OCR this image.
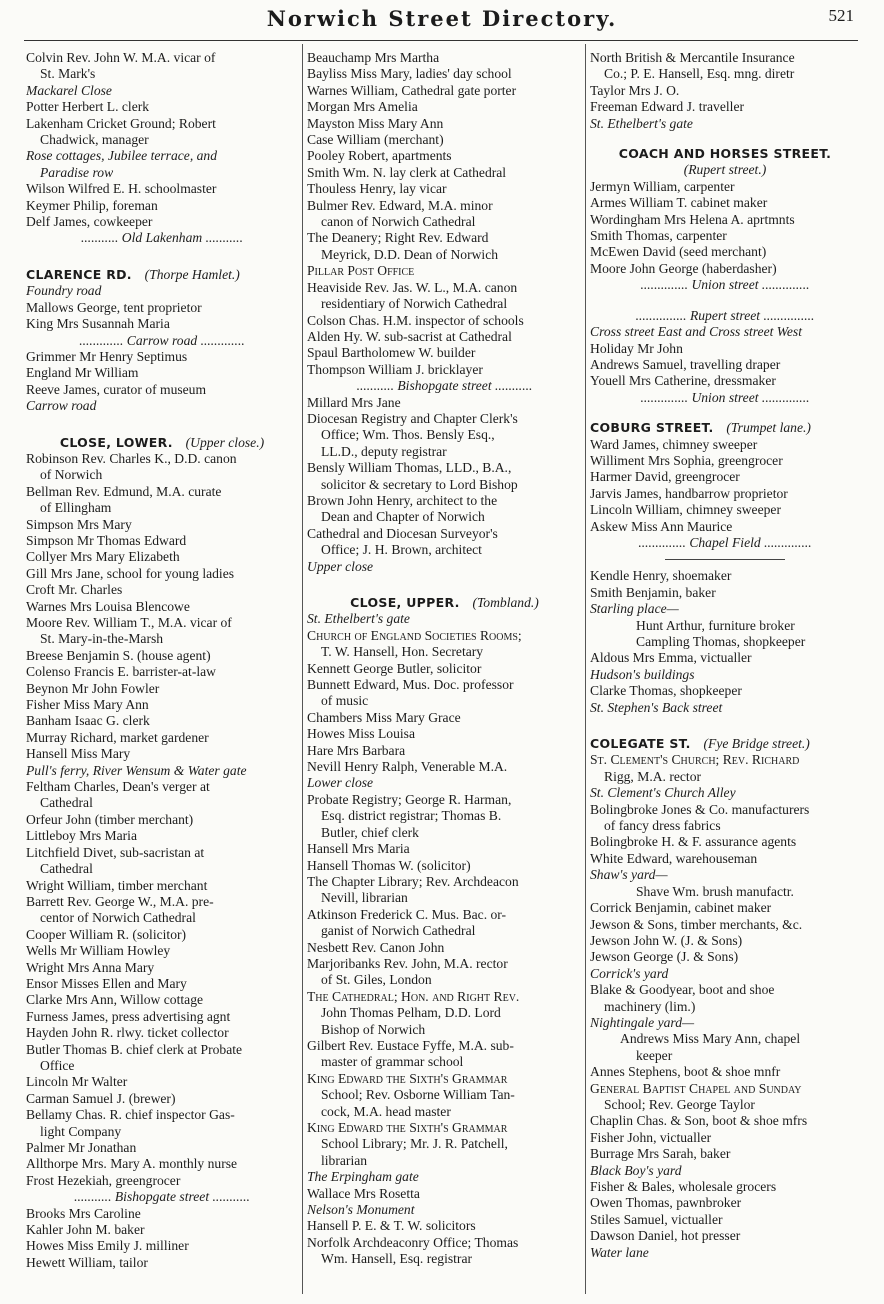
Norwich Street Directory.	521
Colvin Rev. John W. M.A. vicar of
St. Mark's
Mackarel Close
Potter Herbert L. clerk
Lakenham Cricket Ground; Robert
Chadwick, manager
Rose cottages, Jubilee terrace, and
Paradise row
Wilson Wilfred E. H. schoolmaster
Keymer Philip, foreman
Delf James, cowkeeper
........... Old Lakenham ...........
CLARENCE RD.  (Thorpe Hamlet.)
Foundry road
Mallows George, tent proprietor
King Mrs Susannah Maria
............. Carrow road .............
Grimmer Mr Henry Septimus
England Mr William
Reeve James, curator of museum
Carrow road
CLOSE, LOWER.  (Upper close.)
Robinson Rev. Charles K., D.D. canon
of Norwich
Bellman Rev. Edmund, M.A. curate
of Ellingham
Simpson Mrs Mary
Simpson Mr Thomas Edward
Collyer Mrs Mary Elizabeth
Gill Mrs Jane, school for young ladies
Croft Mr. Charles
Warnes Mrs Louisa Blencowe
Moore Rev. William T., M.A. vicar of
St. Mary-in-the-Marsh
Breese Benjamin S. (house agent)
Colenso Francis E. barrister-at-law
Beynon Mr John Fowler
Fisher Miss Mary Ann
Banham Isaac G. clerk
Murray Richard, market gardener
Hansell Miss Mary
Pull's ferry, River Wensum & Water gate
Feltham Charles, Dean's verger at
Cathedral
Orfeur John (timber merchant)
Littleboy Mrs Maria
Litchfield Divet, sub-sacristan at
Cathedral
Wright William, timber merchant
Barrett Rev. George W., M.A. pre-
centor of Norwich Cathedral
Cooper William R. (solicitor)
Wells Mr William Howley
Wright Mrs Anna Mary
Ensor Misses Ellen and Mary
Clarke Mrs Ann, Willow cottage
Furness James, press advertising agnt
Hayden John R. rlwy. ticket collector
Butler Thomas B. chief clerk at Probate
Office
Lincoln Mr Walter
Carman Samuel J. (brewer)
Bellamy Chas. R. chief inspector Gas-
light Company
Palmer Mr Jonathan
Allthorpe Mrs. Mary A. monthly nurse
Frost Hezekiah, greengrocer
........... Bishopgate street ...........
Brooks Mrs Caroline
Kahler John M. baker
Howes Miss Emily J. milliner
Hewett William, tailor
Beauchamp Mrs Martha
Bayliss Miss Mary, ladies' day school
Warnes William, Cathedral gate porter
Morgan Mrs Amelia
Mayston Miss Mary Ann
Case William (merchant)
Pooley Robert, apartments
Smith Wm. N. lay clerk at Cathedral
Thouless Henry, lay vicar
Bulmer Rev. Edward, M.A. minor
canon of Norwich Cathedral
The Deanery; Right Rev. Edward
Meyrick, D.D. Dean of Norwich
Pillar Post Office
Heaviside Rev. Jas. W. L., M.A. canon
residentiary of Norwich Cathedral
Colson Chas. H.M. inspector of schools
Alden Hy. W. sub-sacrist at Cathedral
Spaul Bartholomew W. builder
Thompson William J. bricklayer
........... Bishopgate street ...........
Millard Mrs Jane
Diocesan Registry and Chapter Clerk's
Office; Wm. Thos. Bensly Esq.,
LL.D., deputy registrar
Bensly William Thomas, LLD., B.A.,
solicitor & secretary to Lord Bishop
Brown John Henry, architect to the
Dean and Chapter of Norwich
Cathedral and Diocesan Surveyor's
Office; J. H. Brown, architect
Upper close
CLOSE, UPPER.  (Tombland.)
St. Ethelbert's gate
Church of England Societies Rooms;
T. W. Hansell, Hon. Secretary
Kennett George Butler, solicitor
Bunnett Edward, Mus. Doc. professor
of music
Chambers Miss Mary Grace
Howes Miss Louisa
Hare Mrs Barbara
Nevill Henry Ralph, Venerable M.A.
Lower close
Probate Registry; George R. Harman,
Esq. district registrar; Thomas B.
Butler, chief clerk
Hansell Mrs Maria
Hansell Thomas W. (solicitor)
The Chapter Library; Rev. Archdeacon
Nevill, librarian
Atkinson Frederick C. Mus. Bac. or-
ganist of Norwich Cathedral
Nesbett Rev. Canon John
Marjoribanks Rev. John, M.A. rector
of St. Giles, London
The Cathedral; Hon. and Right Rev.
John Thomas Pelham, D.D. Lord
Bishop of Norwich
Gilbert Rev. Eustace Fyffe, M.A. sub-
master of grammar school
King Edward the Sixth's Grammar
School; Rev. Osborne William Tan-
cock, M.A. head master
King Edward the Sixth's Grammar
School Library; Mr. J. R. Patchell,
librarian
The Erpingham gate
Wallace Mrs Rosetta
Nelson's Monument
Hansell P. E. & T. W. solicitors
Norfolk Archdeaconry Office; Thomas
Wm. Hansell, Esq. registrar
North British & Mercantile Insurance
Co.; P. E. Hansell, Esq. mng. diretr
Taylor Mrs J. O.
Freeman Edward J. traveller
St. Ethelbert's gate
COACH AND HORSES STREET.
(Rupert street.)
Jermyn William, carpenter
Armes William T. cabinet maker
Wordingham Mrs Helena A. aprtmnts
Smith Thomas, carpenter
McEwen David (seed merchant)
Moore John George (haberdasher)
.............. Union street ..............
............... Rupert street ...............
Cross street East and Cross street West
Holiday Mr John
Andrews Samuel, travelling draper
Youell Mrs Catherine, dressmaker
.............. Union street ..............
COBURG STREET.  (Trumpet lane.)
Ward James, chimney sweeper
Williment Mrs Sophia, greengrocer
Harmer David, greengrocer
Jarvis James, handbarrow proprietor
Lincoln William, chimney sweeper
Askew Miss Ann Maurice
.............. Chapel Field ..............
Kendle Henry, shoemaker
Smith Benjamin, baker
Starling place—
Hunt Arthur, furniture broker
Campling Thomas, shopkeeper
Aldous Mrs Emma, victualler
Hudson's buildings
Clarke Thomas, shopkeeper
St. Stephen's Back street
COLEGATE ST.  (Fye Bridge street.)
St. Clement's Church; Rev. Richard
Rigg, M.A. rector
St. Clement's Church Alley
Bolingbroke Jones & Co. manufacturers
of fancy dress fabrics
Bolingbroke H. & F. assurance agents
White Edward, warehouseman
Shaw's yard—
Shave Wm. brush manufactr.
Corrick Benjamin, cabinet maker
Jewson & Sons, timber merchants, &c.
Jewson John W. (J. & Sons)
Jewson George (J. & Sons)
Corrick's yard
Blake & Goodyear, boot and shoe
machinery (lim.)
Nightingale yard—
Andrews Miss Mary Ann, chapel
keeper
Annes Stephens, boot & shoe mnfr
General Baptist Chapel and Sunday
School; Rev. George Taylor
Chaplin Chas. & Son, boot & shoe mfrs
Fisher John, victualler
Burrage Mrs Sarah, baker
Black Boy's yard
Fisher & Bales, wholesale grocers
Owen Thomas, pawnbroker
Stiles Samuel, victualler
Dawson Daniel, hot presser
Water lane
